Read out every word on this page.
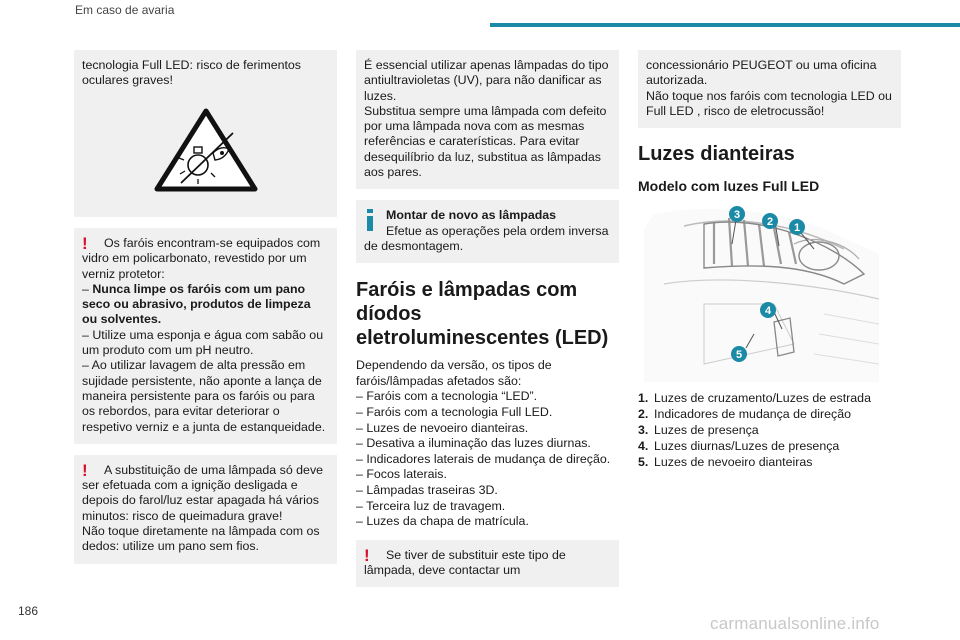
Em caso de avaria

tecnologia Full LED: risco de ferimentos oculares graves!

!	Os faróis encontram-se equipados com vidro em policarbonato, revestido por um verniz protetor:

– Nunca limpe os faróis com um pano seco ou abrasivo, produtos de limpeza ou solventes.

– Utilize uma esponja e água com sabão ou um produto com um pH neutro.

– Ao utilizar lavagem de alta pressão em sujidade persistente, não aponte a lança de maneira persistente para os faróis ou para os rebordos, para evitar deteriorar o respetivo verniz e a junta de estanqueidade.

!	A substituição de uma lâmpada só deve ser efetuada com a ignição desligada e depois do farol/luz estar apagada há vários minutos: risco de queimadura grave!

Não toque diretamente na lâmpada com os dedos: utilize um pano sem fios.

É essencial utilizar apenas lâmpadas do tipo antiultravioletas (UV), para não danificar as luzes.

Substitua sempre uma lâmpada com defeito por uma lâmpada nova com as mesmas referências e caraterísticas. Para evitar desequilíbrio da luz, substitua as lâmpadas aos pares.

Montar de novo as lâmpadas

Efetue as operações pela ordem inversa de desmontagem.

Faróis e lâmpadas com díodos eletroluminescentes (LED)

Dependendo da versão, os tipos de faróis/lâmpadas afetados são:

– Faróis com a tecnologia “LED”.

– Faróis com a tecnologia Full LED.

– Luzes de nevoeiro dianteiras.

– Desativa a iluminação das luzes diurnas.

– Indicadores laterais de mudança de direção.

– Focos laterais.

– Lâmpadas traseiras 3D.

– Terceira luz de travagem.

– Luzes da chapa de matrícula.

!	Se tiver de substituir este tipo de lâmpada, deve contactar um

concessionário PEUGEOT ou uma oficina autorizada.

Não toque nos faróis com tecnologia LED ou Full LED , risco de eletrocussão!

Luzes dianteiras
Modelo com luzes Full LED
3
2 1
4
5
1. Luzes de cruzamento/Luzes de estrada
2. Indicadores de mudança de direção
3. Luzes de presença
4. Luzes diurnas/Luzes de presença
5. Luzes de nevoeiro dianteiras
186
carmanualsonline.info
